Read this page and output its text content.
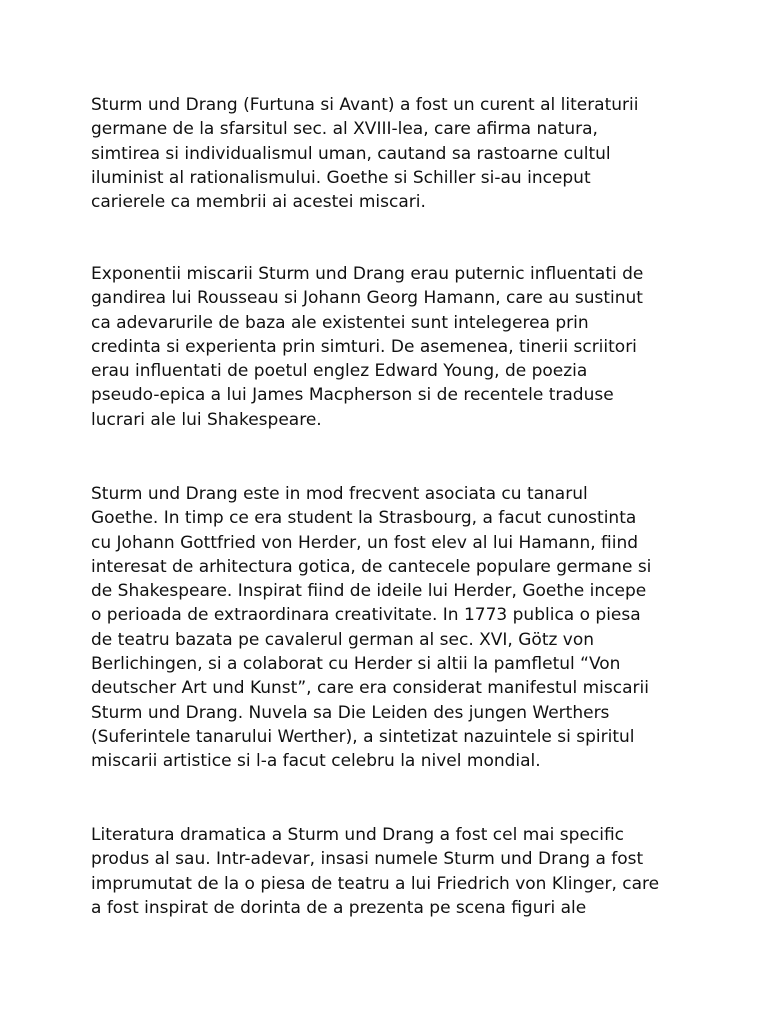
Sturm und Drang (Furtuna si Avant) a fost un curent al literaturii
germane de la sfarsitul sec. al XVIII-lea, care afirma natura,
simtirea si individualismul uman, cautand sa rastoarne cultul
iluminist al rationalismului. Goethe si Schiller si-au inceput
carierele ca membrii ai acestei miscari.

Exponentii miscarii Sturm und Drang erau puternic influentati de
gandirea lui Rousseau si Johann Georg Hamann, care au sustinut
ca adevarurile de baza ale existentei sunt intelegerea prin
credinta si experienta prin simturi. De asemenea, tinerii scriitori
erau influentati de poetul englez Edward Young, de poezia
pseudo-epica a lui James Macpherson si de recentele traduse
lucrari ale lui Shakespeare.

Sturm und Drang este in mod frecvent asociata cu tanarul
Goethe. In timp ce era student la Strasbourg, a facut cunostinta
cu Johann Gottfried von Herder, un fost elev al lui Hamann, fiind
interesat de arhitectura gotica, de cantecele populare germane si
de Shakespeare. Inspirat fiind de ideile lui Herder, Goethe incepe
o perioada de extraordinara creativitate. In 1773 publica o piesa
de teatru bazata pe cavalerul german al sec. XVI, Götz von
Berlichingen, si a colaborat cu Herder si altii la pamfletul “Von
deutscher Art und Kunst”, care era considerat manifestul miscarii
Sturm und Drang. Nuvela sa Die Leiden des jungen Werthers
(Suferintele tanarului Werther), a sintetizat nazuintele si spiritul
miscarii artistice si l-a facut celebru la nivel mondial.

Literatura dramatica a Sturm und Drang a fost cel mai specific
produs al sau. Intr-adevar, insasi numele Sturm und Drang a fost
imprumutat de la o piesa de teatru a lui Friedrich von Klinger, care
a fost inspirat de dorinta de a prezenta pe scena figuri ale
